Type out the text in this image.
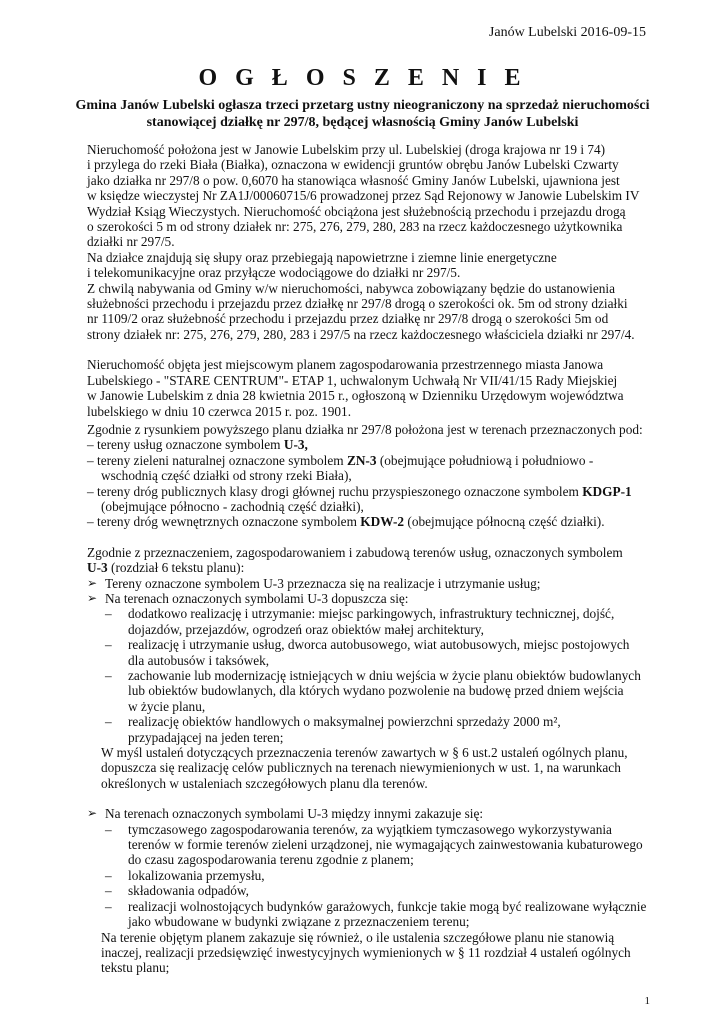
Janów Lubelski 2016-09-15
O G Ł O S Z E N I E
Gmina Janów Lubelski ogłasza trzeci przetarg ustny nieograniczony na sprzedaż nieruchomości
stanowiącej działkę nr 297/8, będącej własnością Gminy Janów Lubelski

Nieruchomość położona jest w Janowie Lubelskim przy ul. Lubelskiej (droga krajowa nr 19 i 74)
i przylega do rzeki Biała (Białka), oznaczona w ewidencji gruntów obrębu Janów Lubelski Czwarty
jako działka nr 297/8 o pow. 0,6070 ha stanowiąca własność Gminy Janów Lubelski, ujawniona jest
w księdze wieczystej Nr ZA1J/00060715/6 prowadzonej przez Sąd Rejonowy w Janowie Lubelskim IV
Wydział Ksiąg Wieczystych. Nieruchomość obciążona jest służebnością przechodu i przejazdu drogą
o szerokości 5 m od strony działek nr: 275, 276, 279, 280, 283 na rzecz każdoczesnego użytkownika
działki nr 297/5.
Na działce znajdują się słupy oraz przebiegają napowietrzne i ziemne linie energetyczne
i telekomunikacyjne oraz przyłącze wodociągowe do działki nr 297/5.
Z chwilą nabywania od Gminy w/w nieruchomości, nabywca zobowiązany będzie do ustanowienia
służebności przechodu i przejazdu przez działkę nr 297/8 drogą o szerokości ok. 5m od strony działki
nr 1109/2 oraz służebność przechodu i przejazdu przez działkę nr 297/8 drogą o szerokości 5m od
strony działek nr: 275, 276, 279, 280, 283 i 297/5 na rzecz każdoczesnego właściciela działki nr 297/4.

Nieruchomość objęta jest miejscowym planem zagospodarowania przestrzennego miasta Janowa
Lubelskiego - "STARE CENTRUM"- ETAP 1, uchwalonym Uchwałą Nr VII/41/15 Rady Miejskiej
w Janowie Lubelskim z dnia 28 kwietnia 2015 r., ogłoszoną w Dzienniku Urzędowym województwa
lubelskiego w dniu 10 czerwca 2015 r. poz. 1901.
Zgodnie z rysunkiem powyższego planu działka nr 297/8 położona jest w terenach przeznaczonych pod:

– tereny usług oznaczone symbolem U-3,
– tereny zieleni naturalnej oznaczone symbolem ZN-3 (obejmujące południową i południowo -
wschodnią część działki od strony rzeki Biała),
– tereny dróg publicznych klasy drogi głównej ruchu przyspieszonego oznaczone symbolem KDGP-1
(obejmujące północno - zachodnią część działki),
– tereny dróg wewnętrznych oznaczone symbolem KDW-2 (obejmujące północną część działki).

Zgodnie z przeznaczeniem, zagospodarowaniem i zabudową terenów usług, oznaczonych symbolem
U-3 (rozdział 6 tekstu planu):

➢ Tereny oznaczone symbolem U-3 przeznacza się na realizacje i utrzymanie usług;
➢ Na terenach oznaczonych symbolami U-3 dopuszcza się:
– dodatkowo realizację i utrzymanie: miejsc parkingowych, infrastruktury technicznej, dojść,
dojazdów, przejazdów, ogrodzeń oraz obiektów małej architektury,
– realizację i utrzymanie usług, dworca autobusowego, wiat autobusowych, miejsc postojowych
dla autobusów i taksówek,
– zachowanie lub modernizację istniejących w dniu wejścia w życie planu obiektów budowlanych
lub obiektów budowlanych, dla których wydano pozwolenie na budowę przed dniem wejścia
w życie planu,
– realizację obiektów handlowych o maksymalnej powierzchni sprzedaży 2000 m²,
przypadającej na jeden teren;
W myśl ustaleń dotyczących przeznaczenia terenów zawartych w § 6 ust.2 ustaleń ogólnych planu,
dopuszcza się realizację celów publicznych na terenach niewymienionych w ust. 1, na warunkach
określonych w ustaleniach szczegółowych planu dla terenów.
➢ Na terenach oznaczonych symbolami U-3 między innymi zakazuje się:
– tymczasowego zagospodarowania terenów, za wyjątkiem tymczasowego wykorzystywania
terenów w formie terenów zieleni urządzonej, nie wymagających zainwestowania kubaturowego
do czasu zagospodarowania terenu zgodnie z planem;
– lokalizowania przemysłu,
– składowania odpadów,
– realizacji wolnostojących budynków garażowych, funkcje takie mogą być realizowane wyłącznie
jako wbudowane w budynki związane z przeznaczeniem terenu;
Na terenie objętym planem zakazuje się również, o ile ustalenia szczegółowe planu nie stanowią
inaczej, realizacji przedsięwzięć inwestycyjnych wymienionych w § 11 rozdział 4 ustaleń ogólnych
tekstu planu;
1
